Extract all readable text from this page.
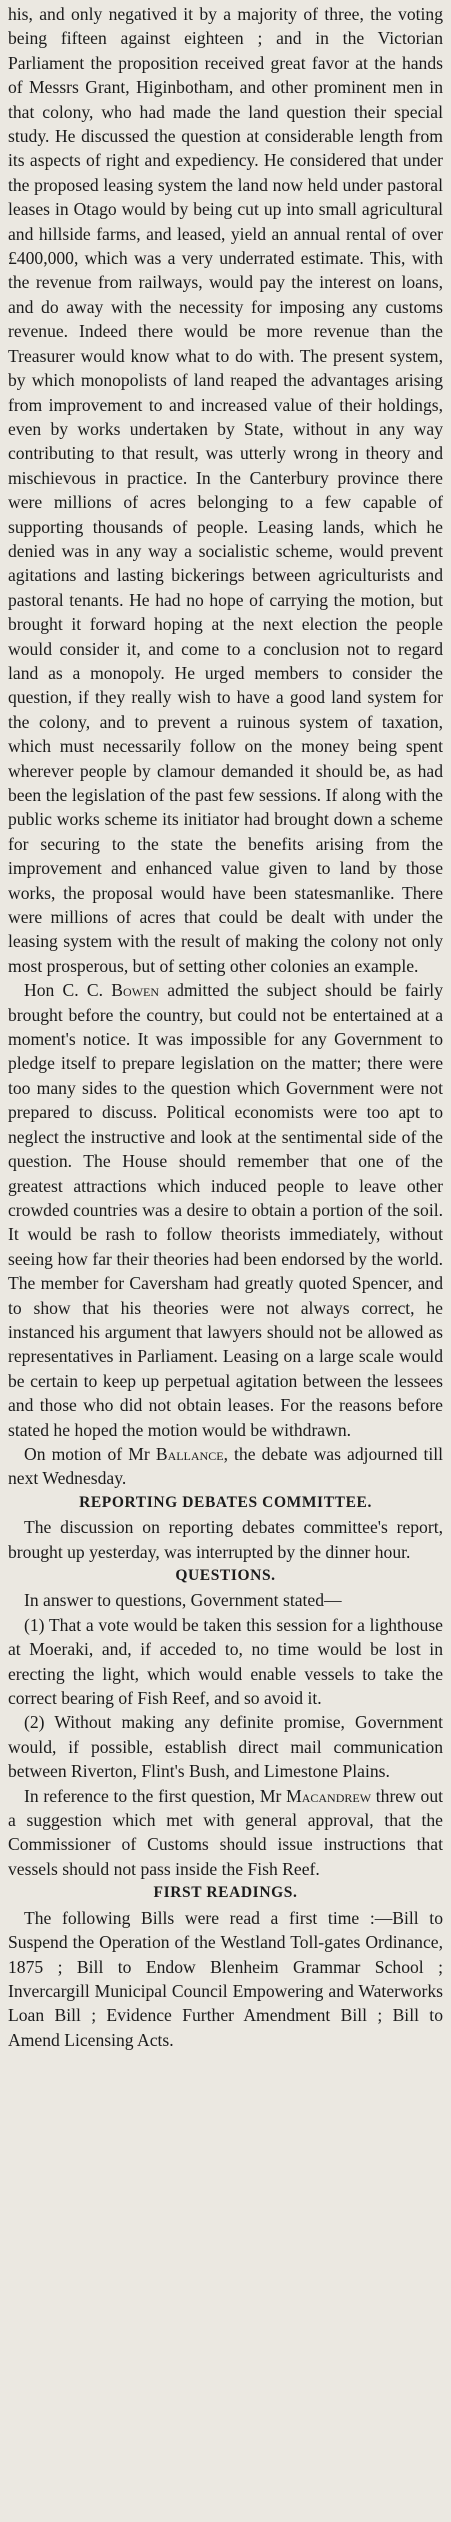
his, and only negatived it by a majority of three, the voting being fifteen against eighteen ; and in the Victorian Parliament the proposition received great favor at the hands of Messrs Grant, Higinbotham, and other prominent men in that colony, who had made the land question their special study. He discussed the question at considerable length from its aspects of right and expediency. He considered that under the proposed leasing system the land now held under pastoral leases in Otago would by being cut up into small agricultural and hillside farms, and leased, yield an annual rental of over £400,000, which was a very underrated estimate. This, with the revenue from railways, would pay the interest on loans, and do away with the necessity for imposing any customs revenue. Indeed there would be more revenue than the Treasurer would know what to do with. The present system, by which monopolists of land reaped the advantages arising from improvement to and increased value of their holdings, even by works undertaken by State, without in any way contributing to that result, was utterly wrong in theory and mischievous in practice. In the Canterbury province there were millions of acres belonging to a few capable of supporting thousands of people. Leasing lands, which he denied was in any way a socialistic scheme, would prevent agitations and lasting bickerings between agriculturists and pastoral tenants. He had no hope of carrying the motion, but brought it forward hoping at the next election the people would consider it, and come to a conclusion not to regard land as a monopoly. He urged members to consider the question, if they really wish to have a good land system for the colony, and to prevent a ruinous system of taxation, which must necessarily follow on the money being spent wherever people by clamour demanded it should be, as had been the legislation of the past few sessions. If along with the public works scheme its initiator had brought down a scheme for securing to the state the benefits arising from the improvement and enhanced value given to land by those works, the proposal would have been statesmanlike. There were millions of acres that could be dealt with under the leasing system with the result of making the colony not only most prosperous, but of setting other colonies an example.

Hon C. C. Bowen admitted the subject should be fairly brought before the country, but could not be entertained at a moment's notice. It was impossible for any Government to pledge itself to prepare legislation on the matter; there were too many sides to the question which Government were not prepared to discuss. Political economists were too apt to neglect the instructive and look at the sentimental side of the question. The House should remember that one of the greatest attractions which induced people to leave other crowded countries was a desire to obtain a portion of the soil. It would be rash to follow theorists immediately, without seeing how far their theories had been endorsed by the world. The member for Caversham had greatly quoted Spencer, and to show that his theories were not always correct, he instanced his argument that lawyers should not be allowed as representatives in Parliament. Leasing on a large scale would be certain to keep up perpetual agitation between the lessees and those who did not obtain leases. For the reasons before stated he hoped the motion would be withdrawn.

On motion of Mr Ballance, the debate was adjourned till next Wednesday.

REPORTING DEBATES COMMITTEE.

The discussion on reporting debates committee's report, brought up yesterday, was interrupted by the dinner hour.

QUESTIONS.

In answer to questions, Government stated—

(1) That a vote would be taken this session for a lighthouse at Moeraki, and, if acceded to, no time would be lost in erecting the light, which would enable vessels to take the correct bearing of Fish Reef, and so avoid it.

(2) Without making any definite promise, Government would, if possible, establish direct mail communication between Riverton, Flint's Bush, and Limestone Plains.

In reference to the first question, Mr Macandrew threw out a suggestion which met with general approval, that the Commissioner of Customs should issue instructions that vessels should not pass inside the Fish Reef.

FIRST READINGS.

The following Bills were read a first time :—Bill to Suspend the Operation of the Westland Toll-gates Ordinance, 1875 ; Bill to Endow Blenheim Grammar School ; Invercargill Municipal Council Empowering and Waterworks Loan Bill ; Evidence Further Amendment Bill ; Bill to Amend Licensing Acts.
